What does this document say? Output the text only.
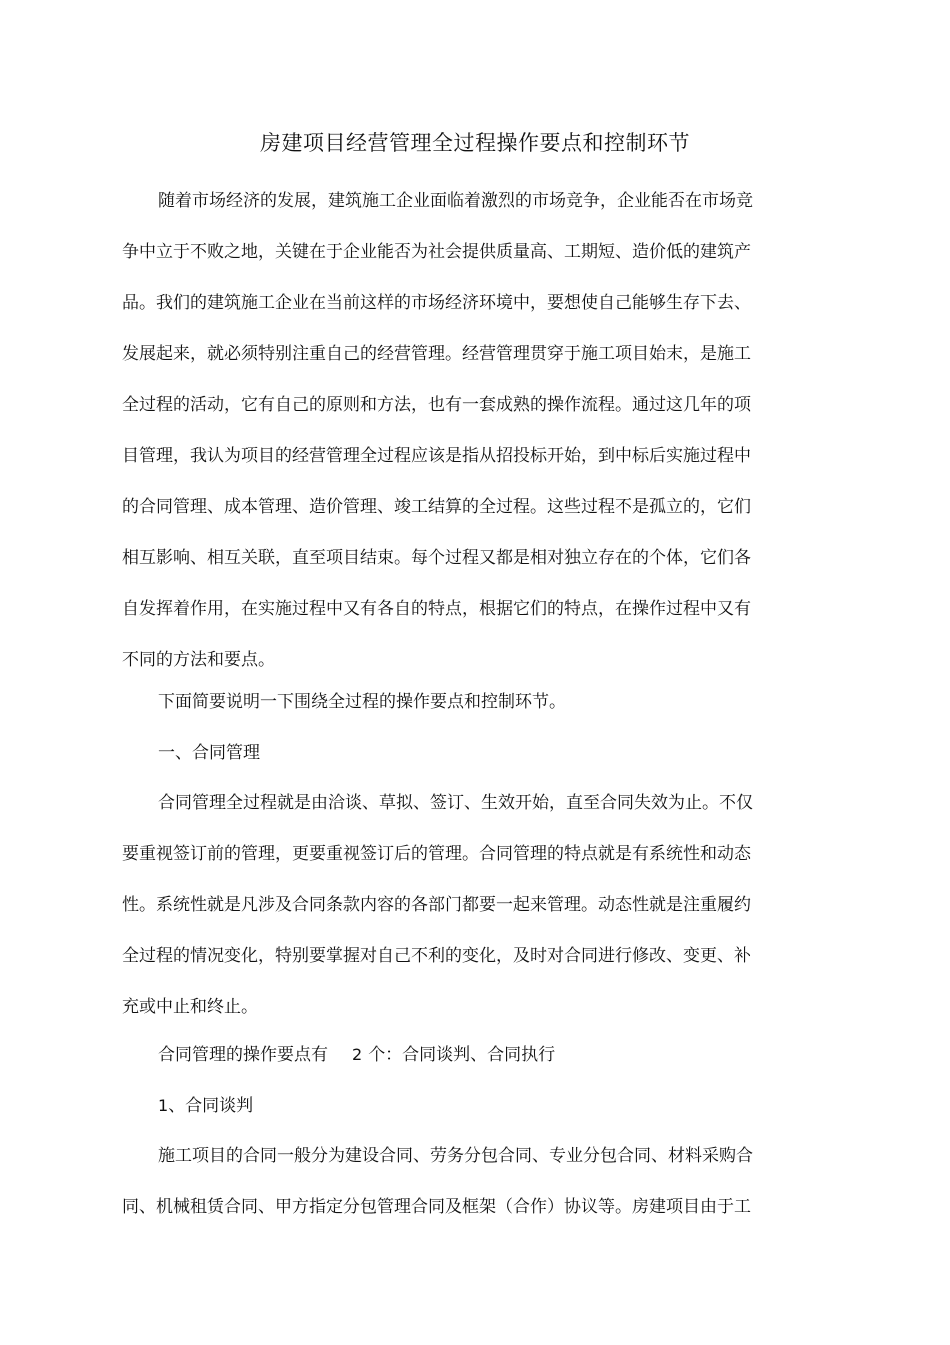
房建项目经营管理全过程操作要点和控制环节
随着市场经济的发展，建筑施工企业面临着激烈的市场竞争，企业能否在市场竞
争中立于不败之地，关键在于企业能否为社会提供质量高、工期短、造价低的建筑产
品。我们的建筑施工企业在当前这样的市场经济环境中，要想使自己能够生存下去、
发展起来，就必须特别注重自己的经营管理。经营管理贯穿于施工项目始末，是施工
全过程的活动，它有自己的原则和方法，也有一套成熟的操作流程。通过这几年的项
目管理，我认为项目的经营管理全过程应该是指从招投标开始，到中标后实施过程中
的合同管理、成本管理、造价管理、竣工结算的全过程。这些过程不是孤立的，它们
相互影响、相互关联，直至项目结束。每个过程又都是相对独立存在的个体，它们各
自发挥着作用，在实施过程中又有各自的特点，根据它们的特点，在操作过程中又有
不同的方法和要点。
下面简要说明一下围绕全过程的操作要点和控制环节。
一、合同管理
合同管理全过程就是由洽谈、草拟、签订、生效开始，直至合同失效为止。不仅
要重视签订前的管理，更要重视签订后的管理。合同管理的特点就是有系统性和动态
性。系统性就是凡涉及合同条款内容的各部门都要一起来管理。动态性就是注重履约
全过程的情况变化，特别要掌握对自己不利的变化，及时对合同进行修改、变更、补
充或中止和终止。
合同管理的操作要点有 2 个：合同谈判、合同执行
1、合同谈判
施工项目的合同一般分为建设合同、劳务分包合同、专业分包合同、材料采购合
同、机械租赁合同、甲方指定分包管理合同及框架（合作）协议等。房建项目由于工
